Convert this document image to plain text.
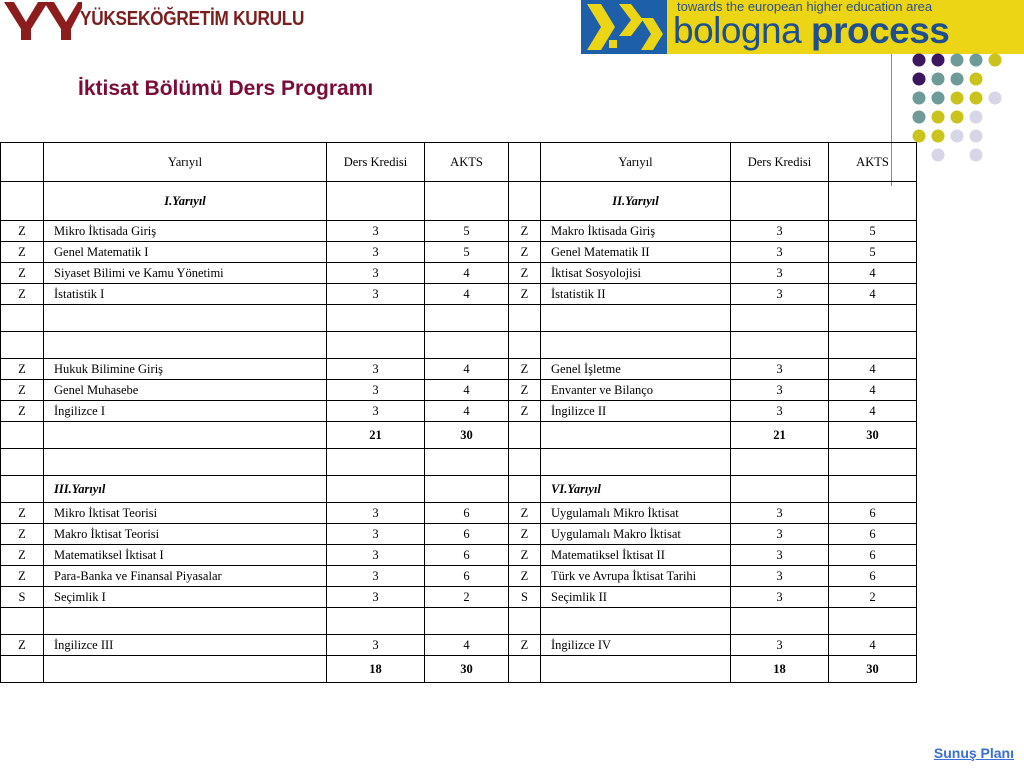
YÜKSEKÖĞRETİM KURULU
towards the european higher education area
bologna process
İktisat Bölümü Ders Programı
	Yarıyıl	Ders Kredisi	AKTS		Yarıyıl	Ders Kredisi	AKTS
	I.Yarıyıl				II.Yarıyıl		
Z	Mikro İktisada Giriş	3	5	Z	Makro İktisada Giriş	3	5
Z	Genel Matematik I	3	5	Z	Genel Matematik II	3	5
Z	Siyaset Bilimi ve Kamu Yönetimi	3	4	Z	İktisat Sosyolojisi	3	4
Z	İstatistik I	3	4	Z	İstatistik II	3	4

Z	Hukuk Bilimine Giriş	3	4	Z	Genel İşletme	3	4
Z	Genel Muhasebe	3	4	Z	Envanter ve Bilanço	3	4
Z	İngilizce I	3	4	Z	İngilizce II	3	4
		21	30			21	30

	III.Yarıyıl				VI.Yarıyıl		
Z	Mikro İktisat Teorisi	3	6	Z	Uygulamalı Mikro İktisat	3	6
Z	Makro İktisat Teorisi	3	6	Z	Uygulamalı Makro İktisat	3	6
Z	Matematiksel İktisat I	3	6	Z	Matematiksel İktisat II	3	6
Z	Para-Banka ve Finansal Piyasalar	3	6	Z	Türk ve Avrupa İktisat Tarihi	3	6
S	Seçimlik I	3	2	S	Seçimlik II	3	2

Z	İngilizce III	3	4	Z	İngilizce IV	3	4
		18	30			18	30
Sunuş Planı
